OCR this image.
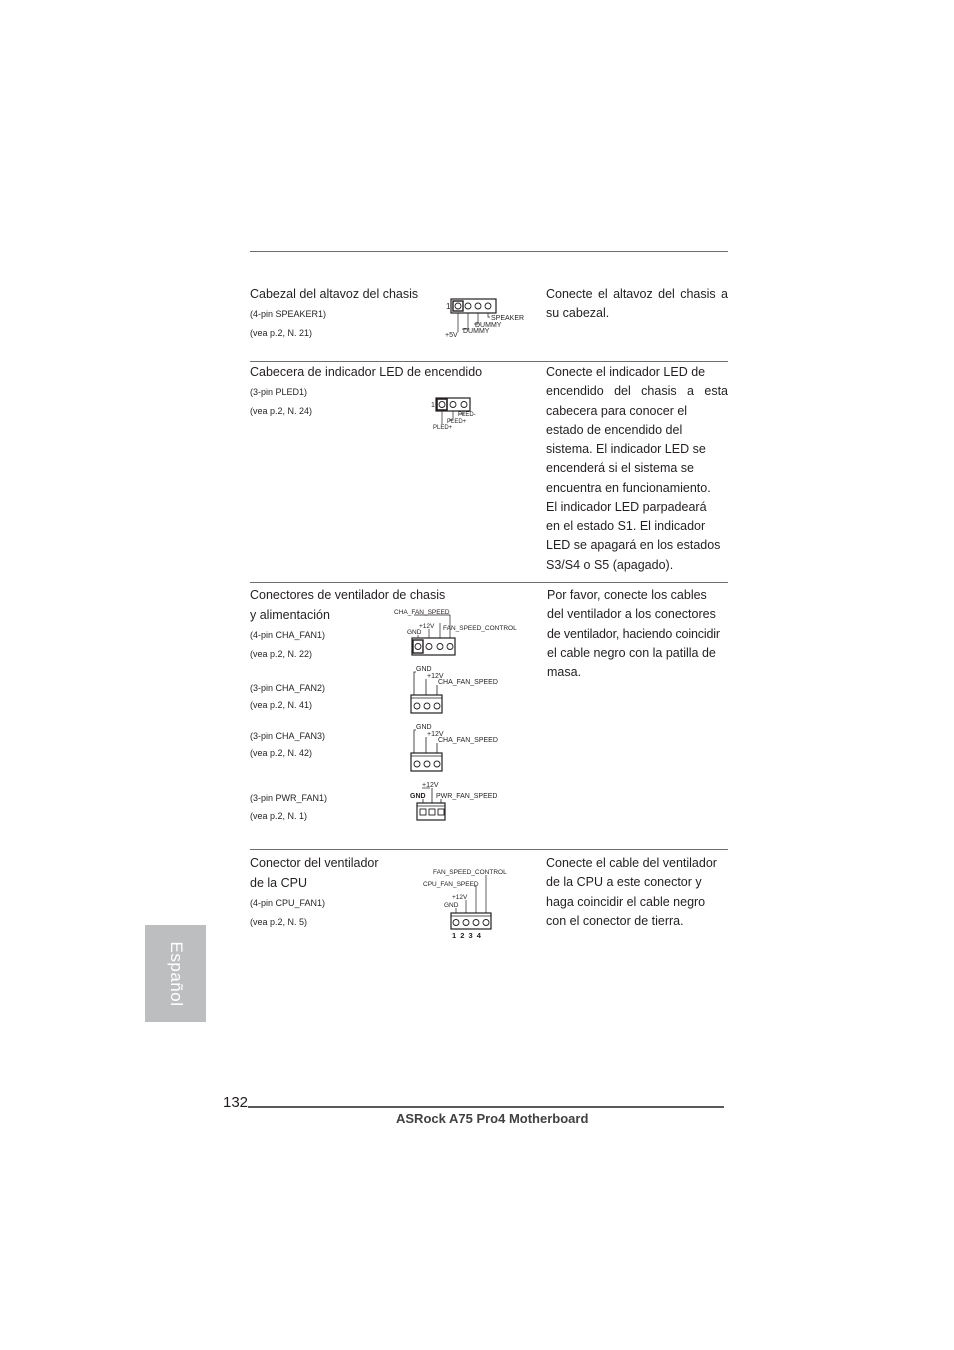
Cabezal del altavoz del chasis
(4-pin SPEAKER1)
(vea p.2, N. 21)
1
SPEAKER
DUMMY
DUMMY
+5V
Conecte el altavoz del chasis a su cabezal.
Cabecera de indicador LED de encendido
(3-pin PLED1)
(vea p.2, N. 24)
1
PLED-
PLED+
PLED+

Conecte el indicador LED de

encendido del chasis a esta

cabecera para conocer el

estado de encendido del

sistema. El indicador LED se

encenderá si el sistema se

encuentra en funcionamiento.

El indicador LED parpadeará

en el estado S1. El indicador

LED se apagará en los estados

S3/S4 o S5 (apagado).

Conectores de ventilador de chasis
y alimentación
(4-pin CHA_FAN1)
(vea p.2, N. 22)
(3-pin CHA_FAN2)
(vea p.2, N. 41)
(3-pin CHA_FAN3)
(vea p.2, N. 42)
(3-pin PWR_FAN1)
(vea p.2, N. 1)
CHA_FAN_SPEED
+12V FAN_SPEED_CONTROL
GND
GND
+12V
CHA_FAN_SPEED
GND
+12V
CHA_FAN_SPEED
+12V
GND PWR_FAN_SPEED

Por favor, conecte los cables

del ventilador a los conectores

de ventilador, haciendo coincidir

el cable negro con la patilla de

masa.

Conector del ventilador
de la CPU
(4-pin CPU_FAN1)
(vea p.2, N. 5)
FAN_SPEED_CONTROL
CPU_FAN_SPEED
+12V
GND
1 2 3 4

Conecte el cable del ventilador

de la CPU a este conector y

haga coincidir el cable negro

con el conector de tierra.

Español
132
ASRock A75 Pro4 Motherboard
